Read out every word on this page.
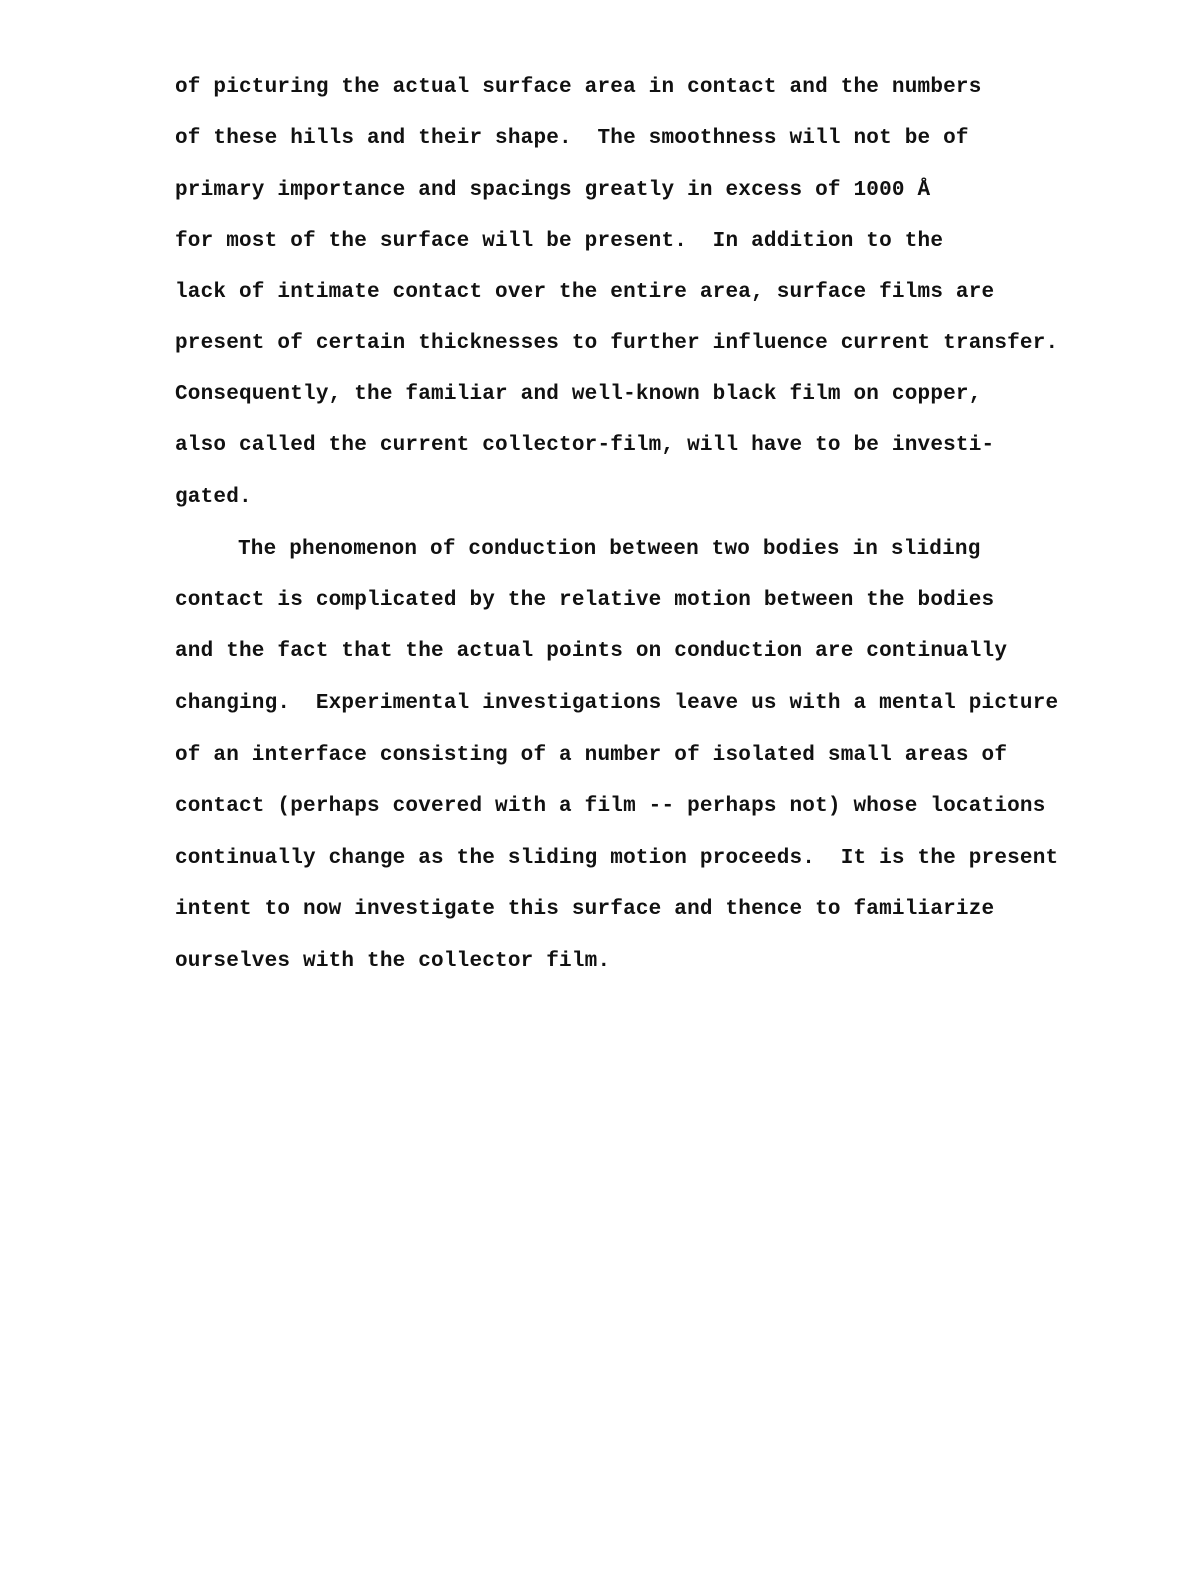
of picturing the actual surface area in contact and the numbers

of these hills and their shape.  The smoothness will not be of

primary importance and spacings greatly in excess of 1000 Å

for most of the surface will be present.  In addition to the

lack of intimate contact over the entire area, surface films are

present of certain thicknesses to further influence current transfer.

Consequently, the familiar and well-known black film on copper,

also called the current collector-film, will have to be investi-

gated.

The phenomenon of conduction between two bodies in sliding

contact is complicated by the relative motion between the bodies

and the fact that the actual points on conduction are continually

changing.  Experimental investigations leave us with a mental picture

of an interface consisting of a number of isolated small areas of

contact (perhaps covered with a film -- perhaps not) whose locations

continually change as the sliding motion proceeds.  It is the present

intent to now investigate this surface and thence to familiarize

ourselves with the collector film.
